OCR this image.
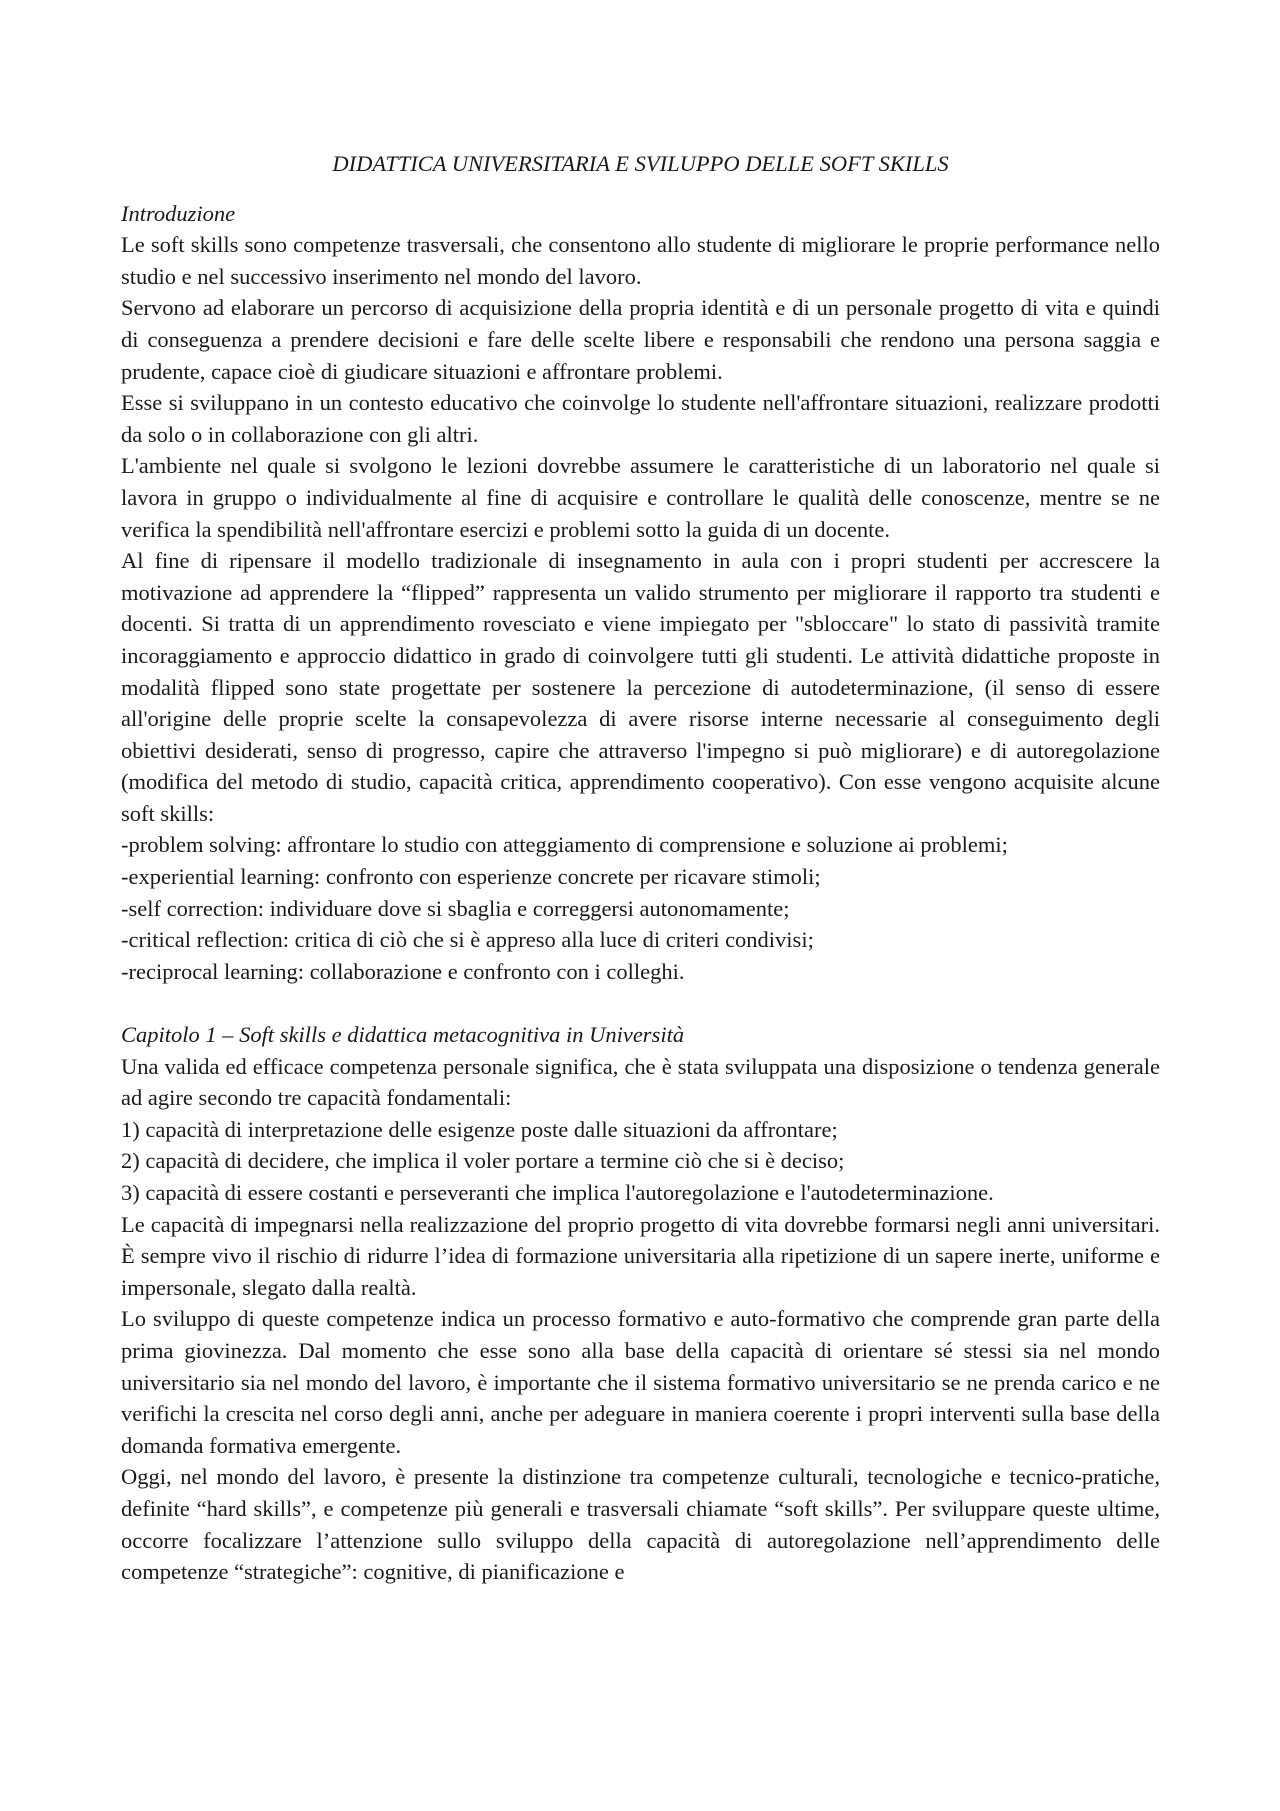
DIDATTICA UNIVERSITARIA E SVILUPPO DELLE SOFT SKILLS
Introduzione

Le soft skills sono competenze trasversali, che consentono allo studente di migliorare le proprie performance nello studio e nel successivo inserimento nel mondo del lavoro.

Servono ad elaborare un percorso di acquisizione della propria identità e di un personale progetto di vita e quindi di conseguenza a prendere decisioni e fare delle scelte libere e responsabili che rendono una persona saggia e prudente, capace cioè di giudicare situazioni e affrontare problemi.

Esse si sviluppano in un contesto educativo che coinvolge lo studente nell'affrontare situazioni, realizzare prodotti da solo o in collaborazione con gli altri.

L'ambiente nel quale si svolgono le lezioni dovrebbe assumere le caratteristiche di un laboratorio nel quale si lavora in gruppo o individualmente al fine di acquisire e controllare le qualità delle conoscenze, mentre se ne verifica la spendibilità nell'affrontare esercizi e problemi sotto la guida di un docente.

Al fine di ripensare il modello tradizionale di insegnamento in aula con i propri studenti per accrescere la motivazione ad apprendere la “flipped” rappresenta un valido strumento per migliorare il rapporto tra studenti e docenti. Si tratta di un apprendimento rovesciato e viene impiegato per "sbloccare" lo stato di passività tramite incoraggiamento e approccio didattico in grado di coinvolgere tutti gli studenti. Le attività didattiche proposte in modalità flipped sono state progettate per sostenere la percezione di autodeterminazione, (il senso di essere all'origine delle proprie scelte la consapevolezza di avere risorse interne necessarie al conseguimento degli obiettivi desiderati, senso di progresso, capire che attraverso l'impegno si può migliorare) e di autoregolazione (modifica del metodo di studio, capacità critica, apprendimento cooperativo). Con esse vengono acquisite alcune soft skills:

-problem solving: affrontare lo studio con atteggiamento di comprensione e soluzione ai problemi;
-experiential learning: confronto con esperienze concrete per ricavare stimoli;
-self correction: individuare dove si sbaglia e correggersi autonomamente;
-critical reflection: critica di ciò che si è appreso alla luce di criteri condivisi;
-reciprocal learning: collaborazione e confronto con i colleghi.
Capitolo 1 – Soft skills e didattica metacognitiva in Università

Una valida ed efficace competenza personale significa, che è stata sviluppata una disposizione o tendenza generale ad agire secondo tre capacità fondamentali:

1) capacità di interpretazione delle esigenze poste dalle situazioni da affrontare;
2) capacità di decidere, che implica il voler portare a termine ciò che si è deciso;
3) capacità di essere costanti e perseveranti che implica l'autoregolazione e l'autodeterminazione.

Le capacità di impegnarsi nella realizzazione del proprio progetto di vita dovrebbe formarsi negli anni universitari. È sempre vivo il rischio di ridurre l’idea di formazione universitaria alla ripetizione di un sapere inerte, uniforme e impersonale, slegato dalla realtà.

Lo sviluppo di queste competenze indica un processo formativo e auto-formativo che comprende gran parte della prima giovinezza. Dal momento che esse sono alla base della capacità di orientare sé stessi sia nel mondo universitario sia nel mondo del lavoro, è importante che il sistema formativo universitario se ne prenda carico e ne verifichi la crescita nel corso degli anni, anche per adeguare in maniera coerente i propri interventi sulla base della domanda formativa emergente.

Oggi, nel mondo del lavoro, è presente la distinzione tra competenze culturali, tecnologiche e tecnico-pratiche, definite “hard skills”, e competenze più generali e trasversali chiamate “soft skills”. Per sviluppare queste ultime, occorre focalizzare l’attenzione sullo sviluppo della capacità di autoregolazione nell’apprendimento delle competenze “strategiche”: cognitive, di pianificazione e
